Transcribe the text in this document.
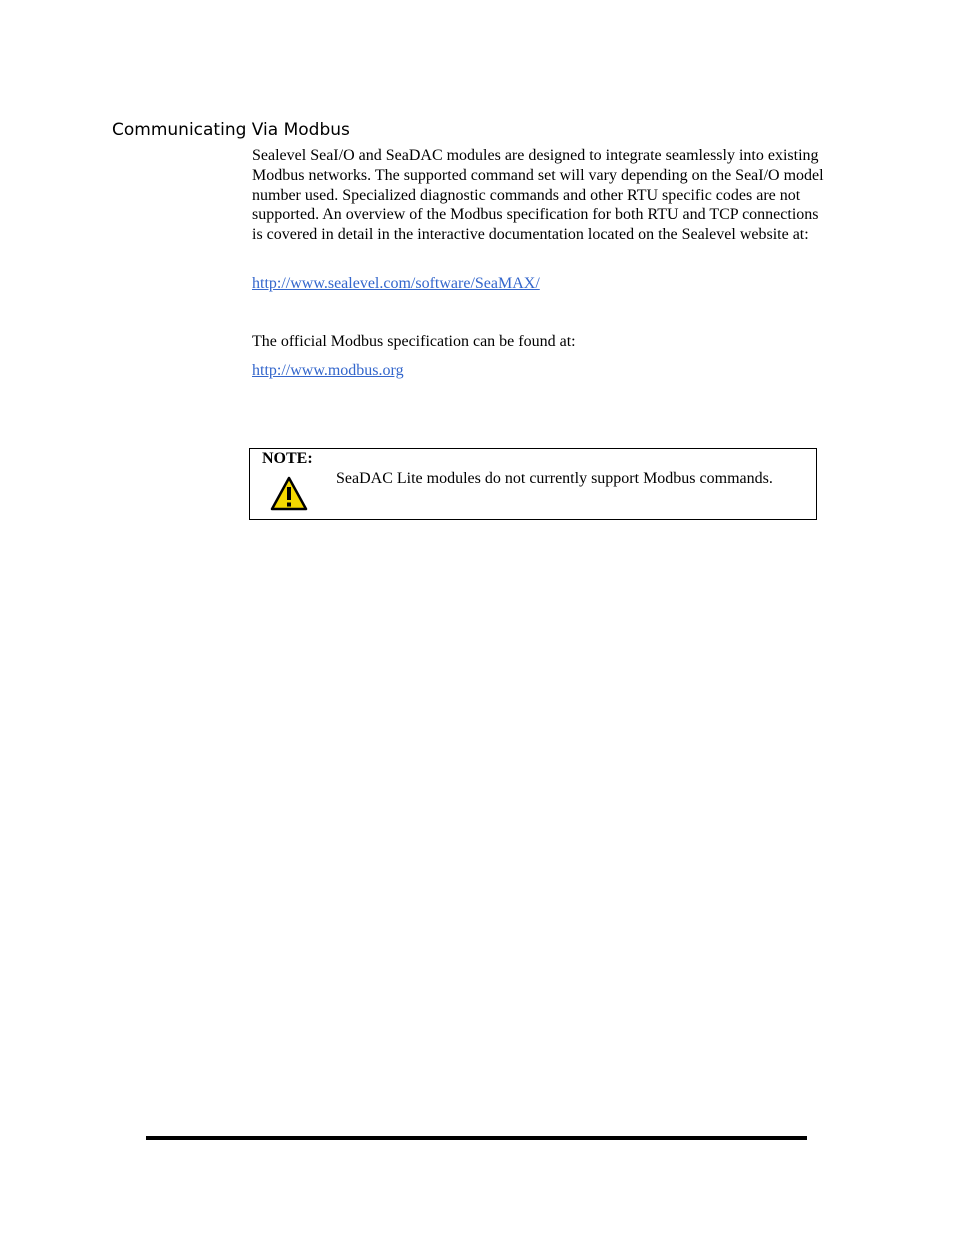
Communicating Via Modbus

Sealevel SeaI/O and SeaDAC modules are designed to integrate seamlessly into existing Modbus networks. The supported command set will vary depending on the SeaI/O model number used. Specialized diagnostic commands and other RTU specific codes are not supported. An overview of the Modbus specification for both RTU and TCP connections is covered in detail in the interactive documentation located on the Sealevel website at:

http://www.sealevel.com/software/SeaMAX/

The official Modbus specification can be found at:

http://www.modbus.org

NOTE:
SeaDAC Lite modules do not currently support Modbus commands.
